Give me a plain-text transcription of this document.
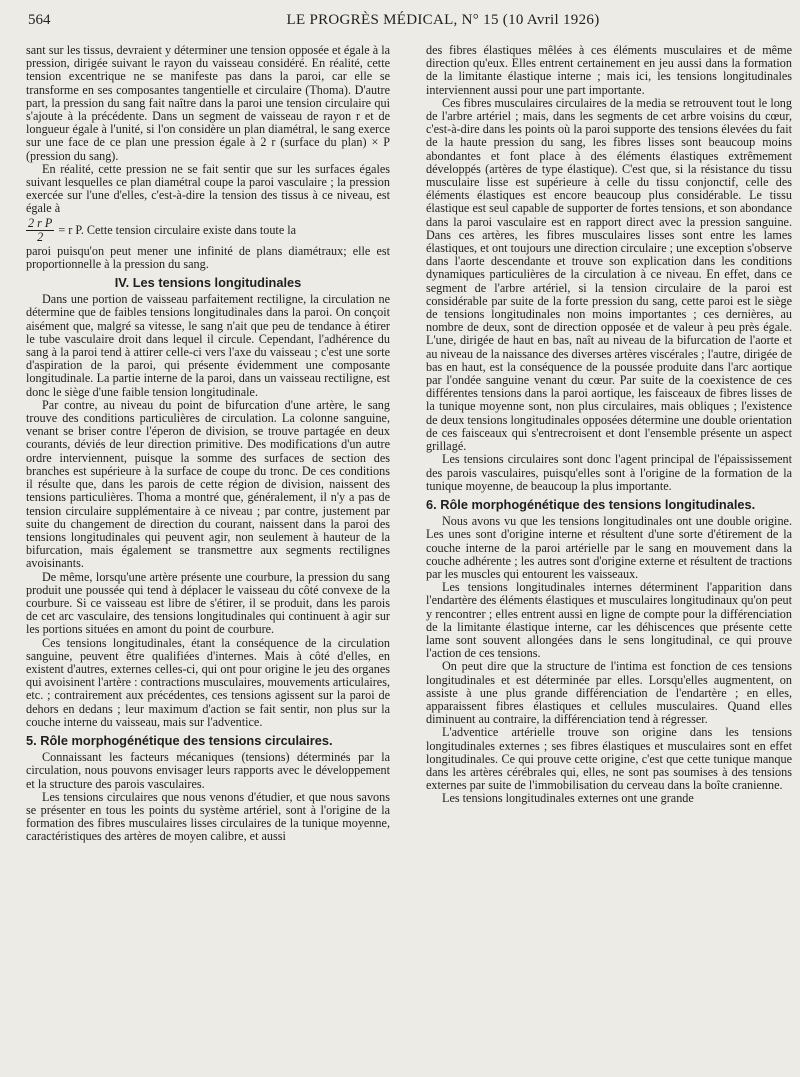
564	LE PROGRÈS MÉDICAL, N° 15 (10 Avril 1926)

sant sur les tissus, devraient y déterminer une tension opposée et égale à la pression, dirigée suivant le rayon du vaisseau considéré. En réalité, cette tension excentrique ne se manifeste pas dans la paroi, car elle se transforme en ses composantes tangentielle et circulaire (Thoma). D'autre part, la pression du sang fait naître dans la paroi une tension circulaire qui s'ajoute à la précédente. Dans un segment de vaisseau de rayon r et de longueur égale à l'unité, si l'on considère un plan diamétral, le sang exerce sur une face de ce plan une pression égale à 2 r (surface du plan) × P (pression du sang).

En réalité, cette pression ne se fait sentir que sur les surfaces égales suivant lesquelles ce plan diamétral coupe la paroi vasculaire ; la pression exercée sur l'une d'elles, c'est-à-dire la tension des tissus à ce niveau, est égale à

$\frac{\text{2 r P}}{2} = r$ P. Cette tension circulaire existe dans toute la

paroi puisqu'on peut mener une infinité de plans diamétraux; elle est proportionnelle à la pression du sang.

IV. Les tensions longitudinales

Dans une portion de vaisseau parfaitement rectiligne, la circulation ne détermine que de faibles tensions longitudinales dans la paroi. On conçoit aisément que, malgré sa vitesse, le sang n'ait que peu de tendance à étirer le tube vasculaire droit dans lequel il circule. Cependant, l'adhérence du sang à la paroi tend à attirer celle-ci vers l'axe du vaisseau ; c'est une sorte d'aspiration de la paroi, qui présente évidemment une composante longitudinale. La partie interne de la paroi, dans un vaisseau rectiligne, est donc le siège d'une faible tension longitudinale.

Par contre, au niveau du point de bifurcation d'une artère, le sang trouve des conditions particulières de circulation. La colonne sanguine, venant se briser contre l'éperon de division, se trouve partagée en deux courants, déviés de leur direction primitive. Des modifications d'un autre ordre interviennent, puisque la somme des surfaces de section des branches est supérieure à la surface de coupe du tronc. De ces conditions il résulte que, dans les parois de cette région de division, naissent des tensions particulières. Thoma a montré que, généralement, il n'y a pas de tension circulaire supplémentaire à ce niveau ; par contre, justement par suite du changement de direction du courant, naissent dans la paroi des tensions longitudinales qui peuvent agir, non seulement à hauteur de la bifurcation, mais également se transmettre aux segments rectilignes avoisinants.

De même, lorsqu'une artère présente une courbure, la pression du sang produit une poussée qui tend à déplacer le vaisseau du côté convexe de la courbure. Si ce vaisseau est libre de s'étirer, il se produit, dans les parois de cet arc vasculaire, des tensions longitudinales qui continuent à agir sur les portions situées en amont du point de courbure.

Ces tensions longitudinales, étant la conséquence de la circulation sanguine, peuvent être qualifiées d'internes. Mais à côté d'elles, en existent d'autres, externes celles-ci, qui ont pour origine le jeu des organes qui avoisinent l'artère : contractions musculaires, mouvements articulaires, etc. ; contrairement aux précédentes, ces tensions agissent sur la paroi de dehors en dedans ; leur maximum d'action se fait sentir, non plus sur la couche interne du vaisseau, mais sur l'adventice.

5. Rôle morphogénétique des tensions circulaires.

Connaissant les facteurs mécaniques (tensions) déterminés par la circulation, nous pouvons envisager leurs rapports avec le développement et la structure des parois vasculaires.

Les tensions circulaires que nous venons d'étudier, et que nous savons se présenter en tous les points du système artériel, sont à l'origine de la formation des fibres musculaires lisses circulaires de la tunique moyenne, caractéristiques des artères de moyen calibre, et aussi

des fibres élastiques mêlées à ces éléments musculaires et de même direction qu'eux. Elles entrent certainement en jeu aussi dans la formation de la limitante élastique interne ; mais ici, les tensions longitudinales interviennent aussi pour une part importante.

Ces fibres musculaires circulaires de la media se retrouvent tout le long de l'arbre artériel ; mais, dans les segments de cet arbre voisins du cœur, c'est-à-dire dans les points où la paroi supporte des tensions élevées du fait de la haute pression du sang, les fibres lisses sont beaucoup moins abondantes et font place à des éléments élastiques extrêmement développés (artères de type élastique). C'est que, si la résistance du tissu musculaire lisse est supérieure à celle du tissu conjonctif, celle des éléments élastiques est encore beaucoup plus considérable. Le tissu élastique est seul capable de supporter de fortes tensions, et son abondance dans la paroi vasculaire est en rapport direct avec la pression sanguine. Dans ces artères, les fibres musculaires lisses sont entre les lames élastiques, et ont toujours une direction circulaire ; une exception s'observe dans l'aorte descendante et trouve son explication dans les conditions dynamiques particulières de la circulation à ce niveau. En effet, dans ce segment de l'arbre artériel, si la tension circulaire de la paroi est considérable par suite de la forte pression du sang, cette paroi est le siège de tensions longitudinales non moins importantes ; ces dernières, au nombre de deux, sont de direction opposée et de valeur à peu près égale. L'une, dirigée de haut en bas, naît au niveau de la bifurcation de l'aorte et au niveau de la naissance des diverses artères viscérales ; l'autre, dirigée de bas en haut, est la conséquence de la poussée produite dans l'arc aortique par l'ondée sanguine venant du cœur. Par suite de la coexistence de ces différentes tensions dans la paroi aortique, les faisceaux de fibres lisses de la tunique moyenne sont, non plus circulaires, mais obliques ; l'existence de deux tensions longitudinales opposées détermine une double orientation de ces faisceaux qui s'entrecroisent et dont l'ensemble présente un aspect grillagé.

Les tensions circulaires sont donc l'agent principal de l'épaississement des parois vasculaires, puisqu'elles sont à l'origine de la formation de la tunique moyenne, de beaucoup la plus importante.

6. Rôle morphogénétique des tensions longitudinales.

Nous avons vu que les tensions longitudinales ont une double origine. Les unes sont d'origine interne et résultent d'une sorte d'étirement de la couche interne de la paroi artérielle par le sang en mouvement dans la couche adhérente ; les autres sont d'origine externe et résultent de tractions par les muscles qui entourent les vaisseaux.

Les tensions longitudinales internes déterminent l'apparition dans l'endartère des éléments élastiques et musculaires longitudinaux qu'on peut y rencontrer ; elles entrent aussi en ligne de compte pour la différenciation de la limitante élastique interne, car les déhiscences que présente cette lame sont souvent allongées dans le sens longitudinal, ce qui prouve l'action de ces tensions.

On peut dire que la structure de l'intima est fonction de ces tensions longitudinales et est déterminée par elles. Lorsqu'elles augmentent, on assiste à une plus grande différenciation de l'endartère ; en elles, apparaissent fibres élastiques et cellules musculaires. Quand elles diminuent au contraire, la différenciation tend à régresser.

L'adventice artérielle trouve son origine dans les tensions longitudinales externes ; ses fibres élastiques et musculaires sont en effet longitudinales. Ce qui prouve cette origine, c'est que cette tunique manque dans les artères cérébrales qui, elles, ne sont pas soumises à des tensions externes par suite de l'immobilisation du cerveau dans la boîte cranienne.

Les tensions longitudinales externes ont une grande
